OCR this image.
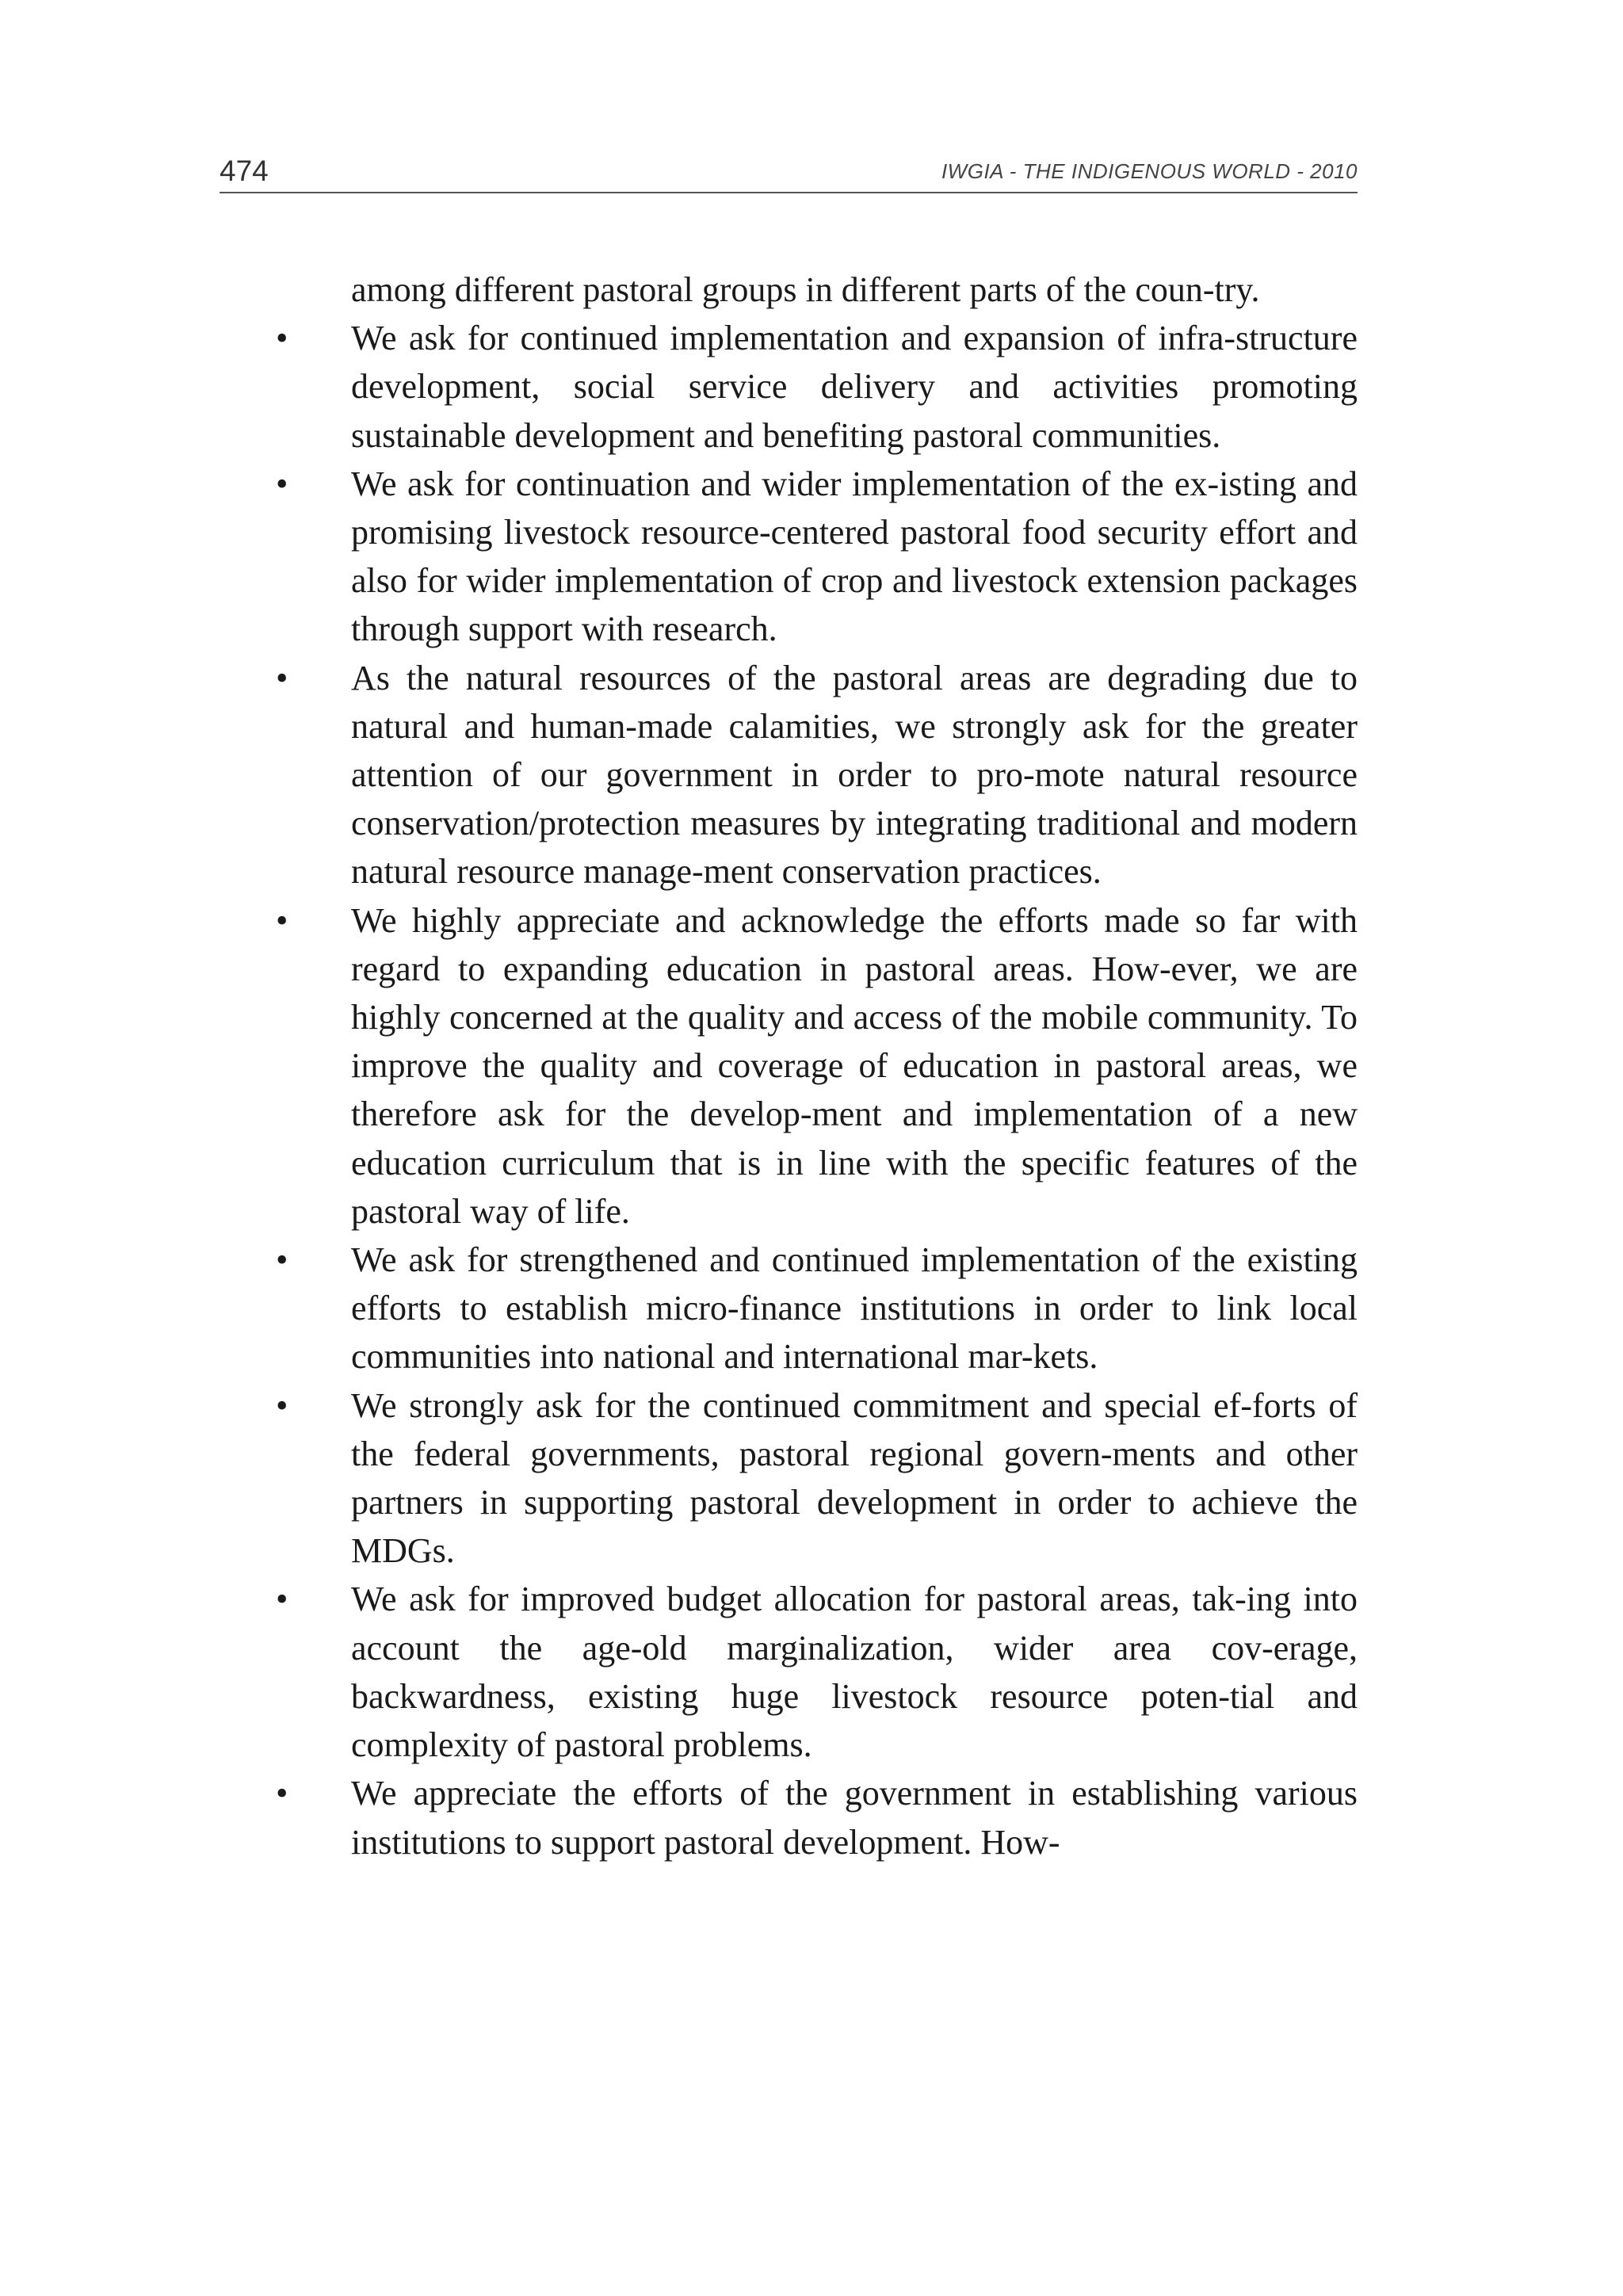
474	IWGIA - THE INDIGENOUS WORLD - 2010

among different pastoral groups in different parts of the coun-try.

•	We ask for continued implementation and expansion of infra-structure development, social service delivery and activities promoting sustainable development and benefiting pastoral communities.

•	We ask for continuation and wider implementation of the ex-isting and promising livestock resource-centered pastoral food security effort and also for wider implementation of crop and livestock extension packages through support with research.

•	As the natural resources of the pastoral areas are degrading due to natural and human-made calamities, we strongly ask for the greater attention of our government in order to pro-mote natural resource conservation/protection measures by integrating traditional and modern natural resource manage-ment conservation practices.

•	We highly appreciate and acknowledge the efforts made so far with regard to expanding education in pastoral areas. How-ever, we are highly concerned at the quality and access of the mobile community. To improve the quality and coverage of education in pastoral areas, we therefore ask for the develop-ment and implementation of a new education curriculum that is in line with the specific features of the pastoral way of life.

•	We ask for strengthened and continued implementation of the existing efforts to establish micro-finance institutions in order to link local communities into national and international mar-kets.

•	We strongly ask for the continued commitment and special ef-forts of the federal governments, pastoral regional govern-ments and other partners in supporting pastoral development in order to achieve the MDGs.

•	We ask for improved budget allocation for pastoral areas, tak-ing into account the age-old marginalization, wider area cov-erage, backwardness, existing huge livestock resource poten-tial and complexity of pastoral problems.

•	We appreciate the efforts of the government in establishing various institutions to support pastoral development. How-
